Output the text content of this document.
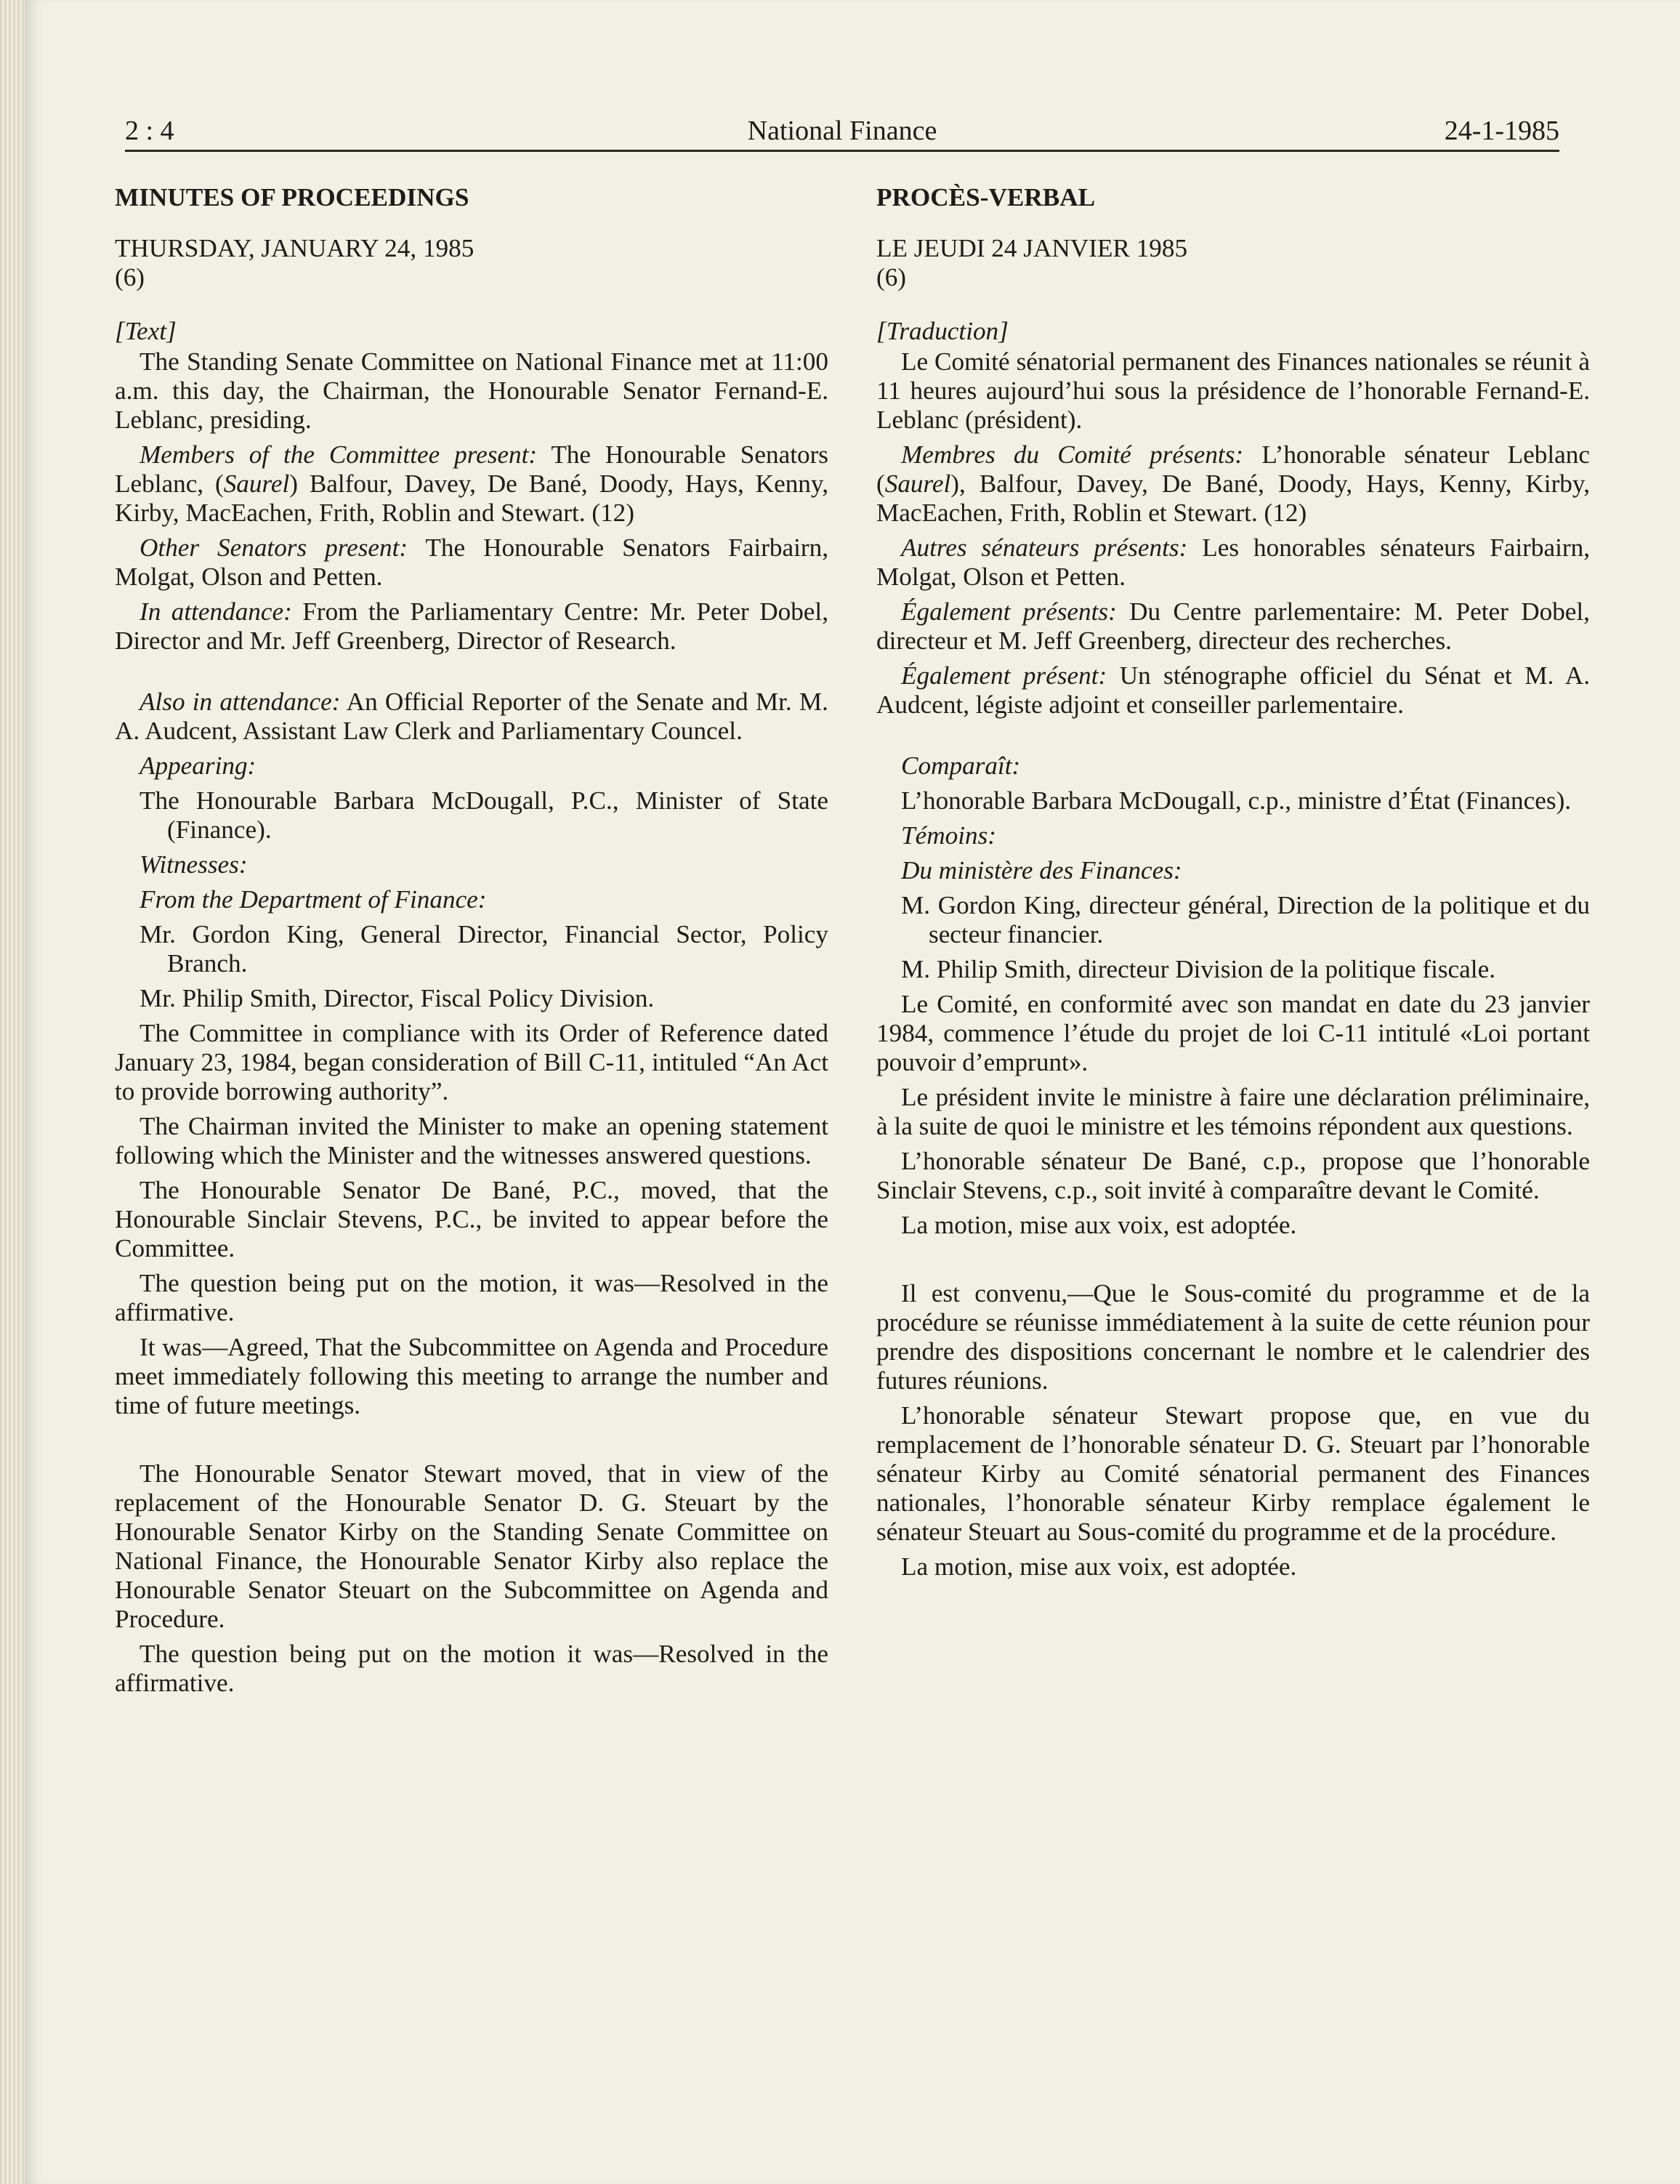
2 : 4	National Finance	24-1-1985

MINUTES OF PROCEEDINGS

THURSDAY, JANUARY 24, 1985

(6)

[Text]

The Standing Senate Committee on National Finance met at 11:00 a.m. this day, the Chairman, the Honourable Senator Fernand-E. Leblanc, presiding.

Members of the Committee present: The Honourable Senators Leblanc, (Saurel) Balfour, Davey, De Bané, Doody, Hays, Kenny, Kirby, MacEachen, Frith, Roblin and Stewart. (12)

Other Senators present: The Honourable Senators Fairbairn, Molgat, Olson and Petten.

In attendance: From the Parliamentary Centre: Mr. Peter Dobel, Director and Mr. Jeff Greenberg, Director of Research.

Also in attendance: An Official Reporter of the Senate and Mr. M. A. Audcent, Assistant Law Clerk and Parliamentary Councel.

Appearing:

The Honourable Barbara McDougall, P.C., Minister of State (Finance).

Witnesses:

From the Department of Finance:

Mr. Gordon King, General Director, Financial Sector, Policy Branch.

Mr. Philip Smith, Director, Fiscal Policy Division.

The Committee in compliance with its Order of Reference dated January 23, 1984, began consideration of Bill C-11, intituled “An Act to provide borrowing authority”.

The Chairman invited the Minister to make an opening statement following which the Minister and the witnesses answered questions.

The Honourable Senator De Bané, P.C., moved, that the Honourable Sinclair Stevens, P.C., be invited to appear before the Committee.

The question being put on the motion, it was—Resolved in the affirmative.

It was—Agreed, That the Subcommittee on Agenda and Procedure meet immediately following this meeting to arrange the number and time of future meetings.

The Honourable Senator Stewart moved, that in view of the replacement of the Honourable Senator D. G. Steuart by the Honourable Senator Kirby on the Standing Senate Committee on National Finance, the Honourable Senator Kirby also replace the Honourable Senator Steuart on the Subcommittee on Agenda and Procedure.

The question being put on the motion it was—Resolved in the affirmative.

PROCÈS-VERBAL

LE JEUDI 24 JANVIER 1985

(6)

[Traduction]

Le Comité sénatorial permanent des Finances nationales se réunit à 11 heures aujourd’hui sous la présidence de l’honorable Fernand-E. Leblanc (président).

Membres du Comité présents: L’honorable sénateur Leblanc (Saurel), Balfour, Davey, De Bané, Doody, Hays, Kenny, Kirby, MacEachen, Frith, Roblin et Stewart. (12)

Autres sénateurs présents: Les honorables sénateurs Fairbairn, Molgat, Olson et Petten.

Également présents: Du Centre parlementaire: M. Peter Dobel, directeur et M. Jeff Greenberg, directeur des recherches.

Également présent: Un sténographe officiel du Sénat et M. A. Audcent, légiste adjoint et conseiller parlementaire.

Comparaît:

L’honorable Barbara McDougall, c.p., ministre d’État (Finances).

Témoins:

Du ministère des Finances:

M. Gordon King, directeur général, Direction de la politique et du secteur financier.

M. Philip Smith, directeur Division de la politique fiscale.

Le Comité, en conformité avec son mandat en date du 23 janvier 1984, commence l’étude du projet de loi C-11 intitulé «Loi portant pouvoir d’emprunt».

Le président invite le ministre à faire une déclaration préliminaire, à la suite de quoi le ministre et les témoins répondent aux questions.

L’honorable sénateur De Bané, c.p., propose que l’honorable Sinclair Stevens, c.p., soit invité à comparaître devant le Comité.

La motion, mise aux voix, est adoptée.

Il est convenu,—Que le Sous-comité du programme et de la procédure se réunisse immédiatement à la suite de cette réunion pour prendre des dispositions concernant le nombre et le calendrier des futures réunions.

L’honorable sénateur Stewart propose que, en vue du remplacement de l’honorable sénateur D. G. Steuart par l’honorable sénateur Kirby au Comité sénatorial permanent des Finances nationales, l’honorable sénateur Kirby remplace également le sénateur Steuart au Sous-comité du programme et de la procédure.

La motion, mise aux voix, est adoptée.
